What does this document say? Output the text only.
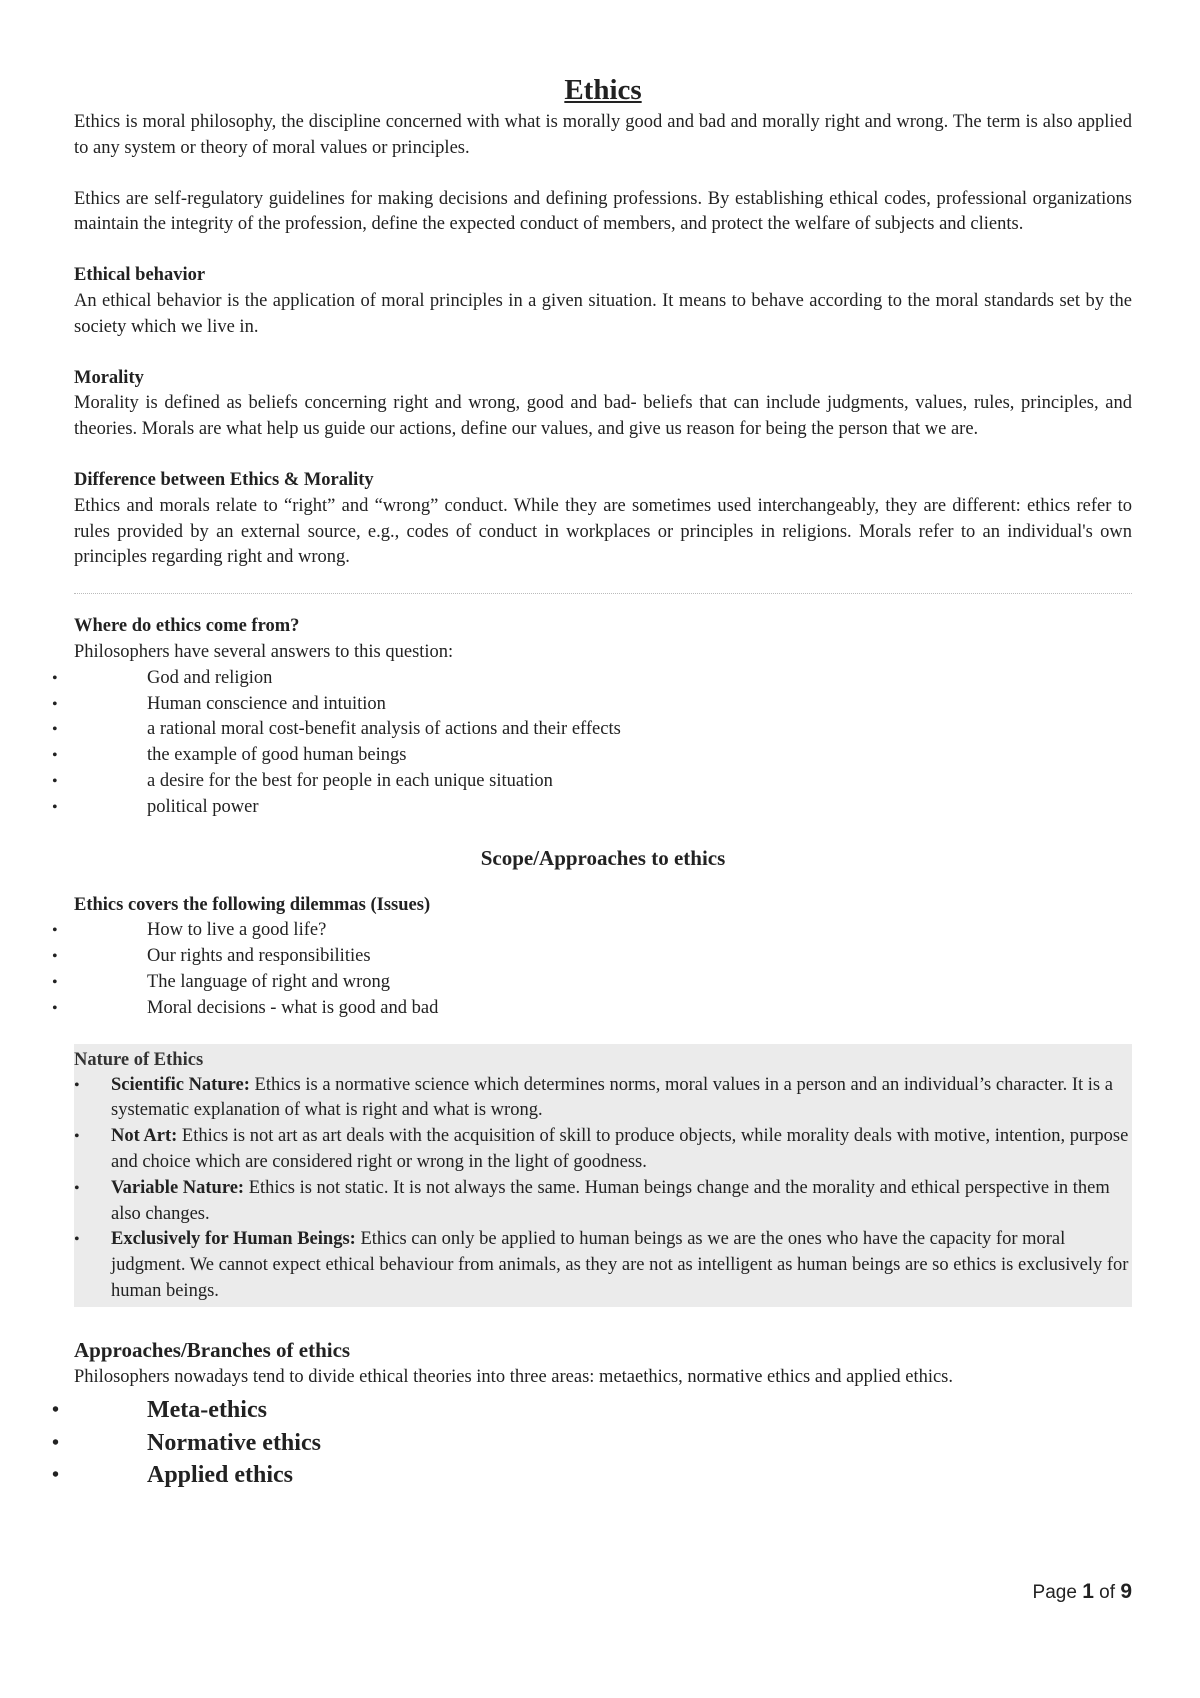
Ethics

Ethics is moral philosophy, the discipline concerned with what is morally good and bad and morally right and wrong. The term is also applied to any system or theory of moral values or principles.

Ethics are self-regulatory guidelines for making decisions and defining professions. By establishing ethical codes, professional organizations maintain the integrity of the profession, define the expected conduct of members, and protect the welfare of subjects and clients.

Ethical behavior

An ethical behavior is the application of moral principles in a given situation. It means to behave according to the moral standards set by the society which we live in.

Morality

Morality is defined as beliefs concerning right and wrong, good and bad- beliefs that can include judgments, values, rules, principles, and theories. Morals are what help us guide our actions, define our values, and give us reason for being the person that we are.

Difference between Ethics & Morality

Ethics and morals relate to “right” and “wrong” conduct. While they are sometimes used interchangeably, they are different: ethics refer to rules provided by an external source, e.g., codes of conduct in workplaces or principles in religions. Morals refer to an individual's own principles regarding right and wrong.

Where do ethics come from?

Philosophers have several answers to this question:

•	God and religion
•	Human conscience and intuition
•	a rational moral cost-benefit analysis of actions and their effects
•	the example of good human beings
•	a desire for the best for people in each unique situation
•	political power
Scope/Approaches to ethics
Ethics covers the following dilemmas (Issues)
•	How to live a good life?
•	Our rights and responsibilities
•	The language of right and wrong
•	Moral decisions - what is good and bad
Nature of Ethics
• Scientific Nature: Ethics is a normative science which determines norms, moral values in a person and an individual’s character. It is a systematic explanation of what is right and what is wrong.
• Not Art: Ethics is not art as art deals with the acquisition of skill to produce objects, while morality deals with motive, intention, purpose and choice which are considered right or wrong in the light of goodness.
• Variable Nature: Ethics is not static. It is not always the same. Human beings change and the morality and ethical perspective in them also changes.
• Exclusively for Human Beings: Ethics can only be applied to human beings as we are the ones who have the capacity for moral judgment. We cannot expect ethical behaviour from animals, as they are not as intelligent as human beings are so ethics is exclusively for human beings.
Approaches/Branches of ethics

Philosophers nowadays tend to divide ethical theories into three areas: metaethics, normative ethics and applied ethics.

•	Meta-ethics
•	Normative ethics
•	Applied ethics
Page 1 of 9
